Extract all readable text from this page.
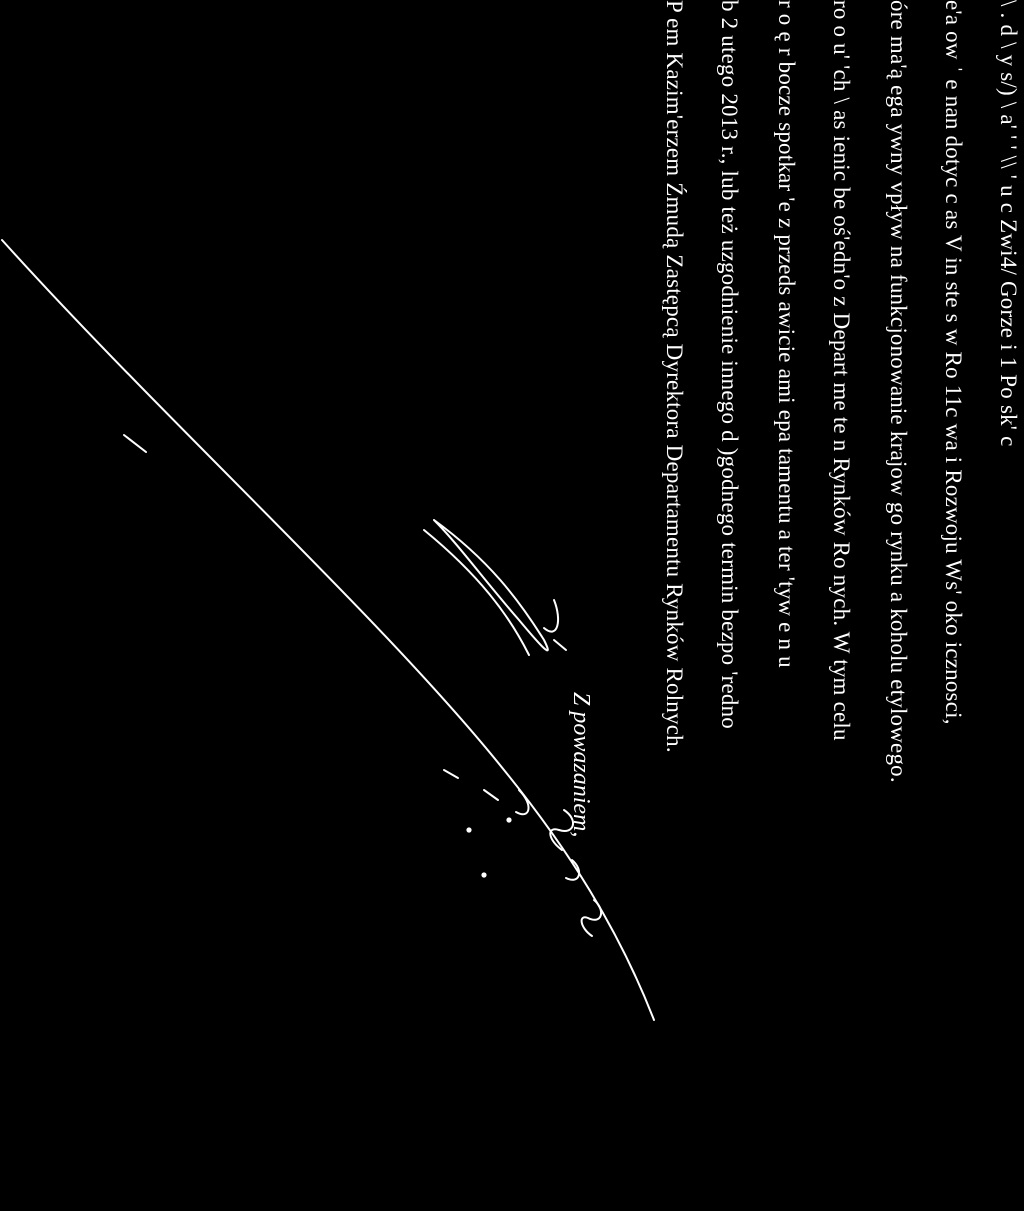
\ . d \ y s/) \ a' ' ' \\ ' u c Zwi4/ Gorze i 1 Po sk' c
e'a ow ˈ e nan dotyc c as V in ste s w Ro 11c wa i Rozwoju Ws' oko icznosci,
óre ma'ą ega ywny vpływ na funkcjonowanie krajow go rynku a koholu etylowego.
ro o u' 'ch \ as ienic be oś'edn'o z Depart me te n Rynków Ro nych. W tym celu
r o ę r bocze spotkar 'e z przeds awicie ami epa tamentu a ter 'tyw e n u
b 2 utego 2013 r., lub też uzgodnienie innego d )godnego termin bezpo 'redno
P em Kazim'erzem Źmudą Zastępcą Dyrektora Departamentu Rynków Rolnych.
Z powazaniem,
